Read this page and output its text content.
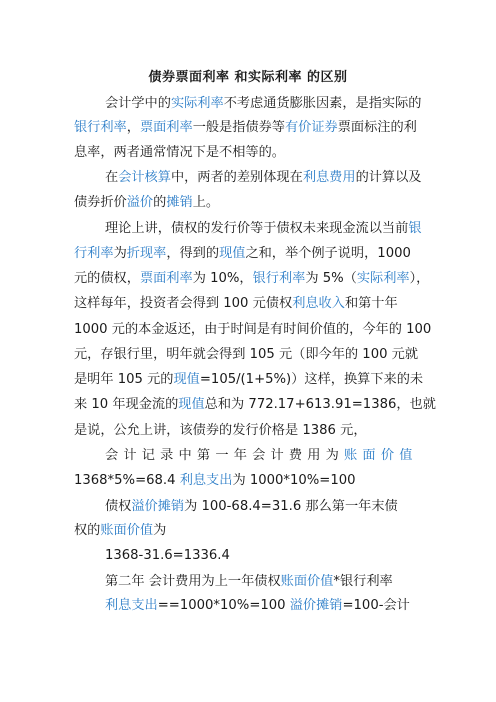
债券票面利率 和实际利率 的区别
会计学中的实际利率不考虑通货膨胀因素，是指实际的
银行利率，票面利率一般是指债券等有价证券票面标注的利
息率，两者通常情况下是不相等的。
在会计核算中，两者的差别体现在利息费用的计算以及
债券折价溢价的摊销上。
理论上讲，债权的发行价等于债权未来现金流以当前银
行利率为折现率，得到的现值之和，举个例子说明，1000
元的债权，票面利率为 10%，银行利率为 5%（实际利率），
这样每年，投资者会得到 100 元债权利息收入和第十年
1000 元的本金返还，由于时间是有时间价值的，今年的 100
元，存银行里，明年就会得到 105 元（即今年的 100 元就
是明年 105 元的现值=105/(1+5%)）这样，换算下来的未
来 10 年现金流的现值总和为 772.17+613.91=1386，也就
是说，公允上讲，该债券的发行价格是 1386 元，
会计记录中第一年会计费用为账面价值
1368*5%=68.4 利息支出为 1000*10%=100
债权溢价摊销为 100-68.4=31.6 那么第一年末债
权的账面价值为
1368-31.6=1336.4
第二年 会计费用为上一年债权账面价值*银行利率
利息支出==1000*10%=100 溢价摊销=100-会计
